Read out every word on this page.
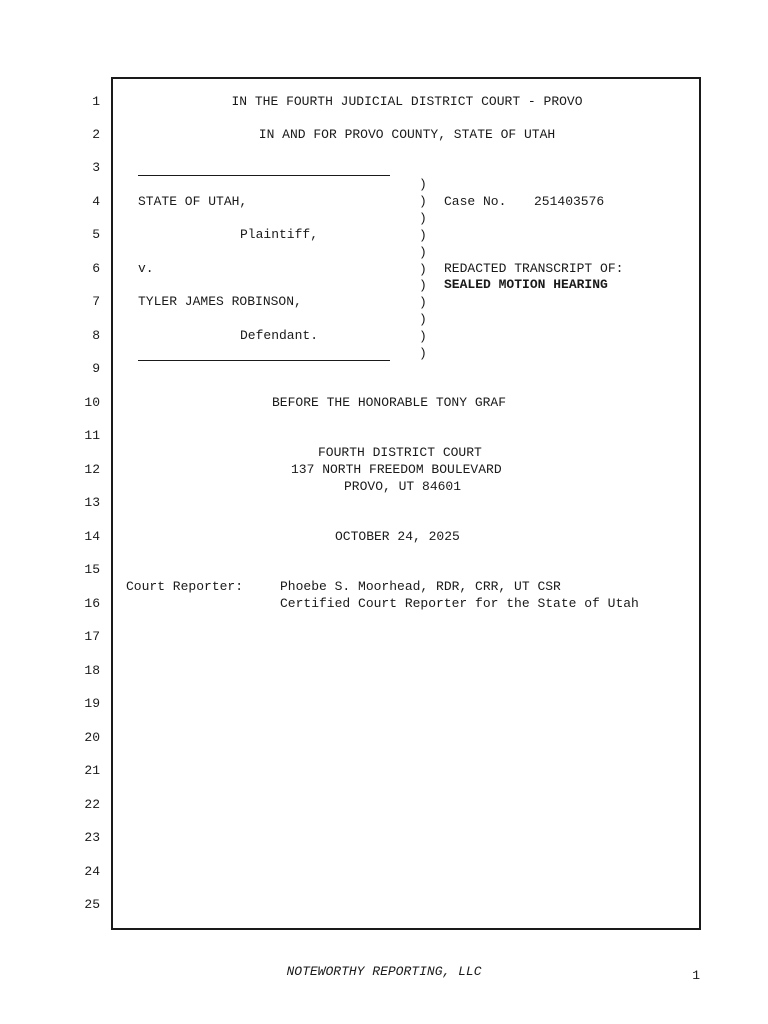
1
2
3
4
5
6
7
8
9
10
11
12
13
14
15
16
17
18
19
20
21
22
23
24
25
IN THE FOURTH JUDICIAL DISTRICT COURT - PROVO
IN AND FOR PROVO COUNTY, STATE OF UTAH
)
)
)
)
)
)
)
)
)
)
)
STATE OF UTAH,
Plaintiff,
v.
TYLER JAMES ROBINSON,
Defendant.
Case No. 251403576
REDACTED TRANSCRIPT OF:
SEALED MOTION HEARING
BEFORE THE HONORABLE TONY GRAF
FOURTH DISTRICT COURT
137 NORTH FREEDOM BOULEVARD
PROVO, UT 84601
OCTOBER 24, 2025
Court Reporter:	Phoebe S. Moorhead, RDR, CRR, UT CSR
Certified Court Reporter for the State of Utah
NOTEWORTHY REPORTING, LLC	1
